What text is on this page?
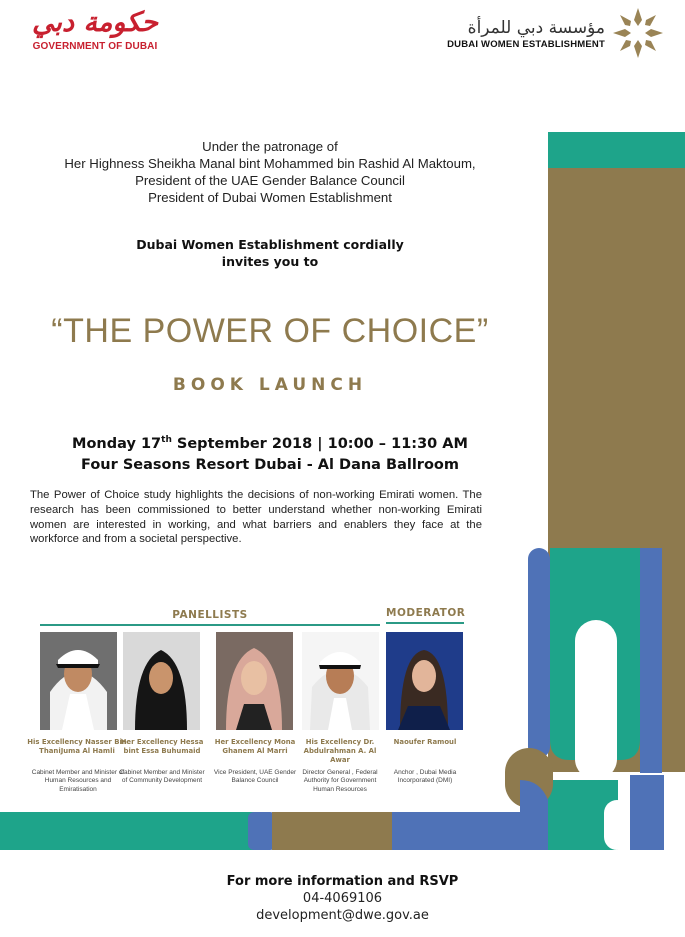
حكومة دبي
GOVERNMENT OF DUBAI
مؤسسة دبي للمرأة
DUBAI WOMEN ESTABLISHMENT
Under the patronage of
Her Highness Sheikha Manal bint Mohammed bin Rashid Al Maktoum,
President of the UAE Gender Balance Council
President of Dubai Women Establishment
Dubai Women Establishment cordially
invites you to
“THE POWER OF CHOICE”
BOOK LAUNCH
Monday 17th September 2018 | 10:00 – 11:30 AM
Four Seasons Resort Dubai - Al Dana Ballroom
The Power of Choice study highlights the decisions of non-working Emirati women. The research has been commissioned to better understand whether non-working Emirati women are interested in working, and what barriers and enablers they face at the workforce and from a societal perspective.
PANELLISTS	MODERATOR
His Excellency Nasser Bin ThaniJuma Al Hamli
Cabinet Member and Minister of Human Resources and Emiratisation
Her Excellency Hessa bint Essa Buhumaid
Cabinet Member and Minister of Community Development
Her Excellency Mona Ghanem Al Marri
Vice President, UAE Gender Balance Council
His Excellency Dr. Abdulrahman A. Al Awar
Director General , Federal Authority for Government Human Resources
Naoufer Ramoul
Anchor , Dubai Media Incorporated (DMI)
For more information and RSVP
04-4069106
development@dwe.gov.ae
